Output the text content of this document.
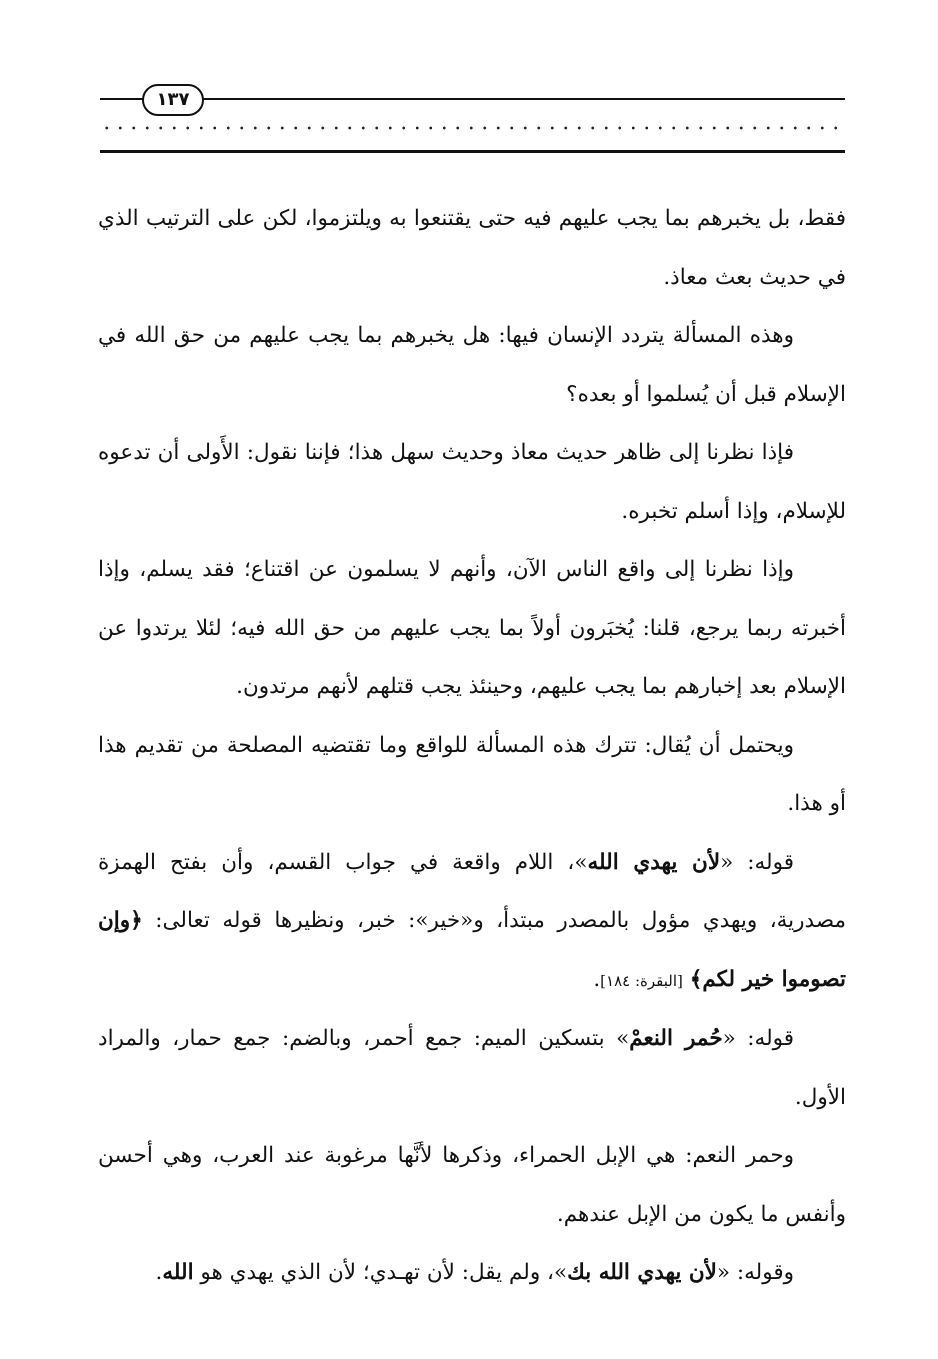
١٣٧

فقط، بل يخبرهم بما يجب عليهم فيه حتى يقتنعوا به ويلتزموا، لكن على الترتيب الذي في حديث بعث معاذ.

وهذه المسألة يتردد الإنسان فيها: هل يخبرهم بما يجب عليهم من حق الله في الإسلام قبل أن يُسلموا أو بعده؟

فإذا نظرنا إلى ظاهر حديث معاذ وحديث سهل هذا؛ فإننا نقول: الأَولى أن تدعوه للإسلام، وإذا أسلم تخبره.

وإذا نظرنا إلى واقع الناس الآن، وأنهم لا يسلمون عن اقتناع؛ فقد يسلم، وإذا أخبرته ربما يرجع، قلنا: يُخبَرون أولاً بما يجب عليهم من حق الله فيه؛ لئلا يرتدوا عن الإسلام بعد إخبارهم بما يجب عليهم، وحينئذ يجب قتلهم لأنهم مرتدون.

ويحتمل أن يُقال: تترك هذه المسألة للواقع وما تقتضيه المصلحة من تقديم هذا أو هذا.

قوله: «لأن يهدي الله»، اللام واقعة في جواب القسم، وأن بفتح الهمزة مصدرية، ويهدي مؤول بالمصدر مبتدأ، و«خير»: خبر، ونظيرها قوله تعالى: ﴿وإن تصوموا خير لكم﴾ [البقرة: ١٨٤].

قوله: «حُمر النعمْ» بتسكين الميم: جمع أحمر، وبالضم: جمع حمار، والمراد الأول.

وحمر النعم: هي الإبل الحمراء، وذكرها لأنَّها مرغوبة عند العرب، وهي أحسن وأنفس ما يكون من الإبل عندهم.

وقوله: «لأن يهدي الله بك»، ولم يقل: لأن تهـدي؛ لأن الذي يهدي هو الله.
